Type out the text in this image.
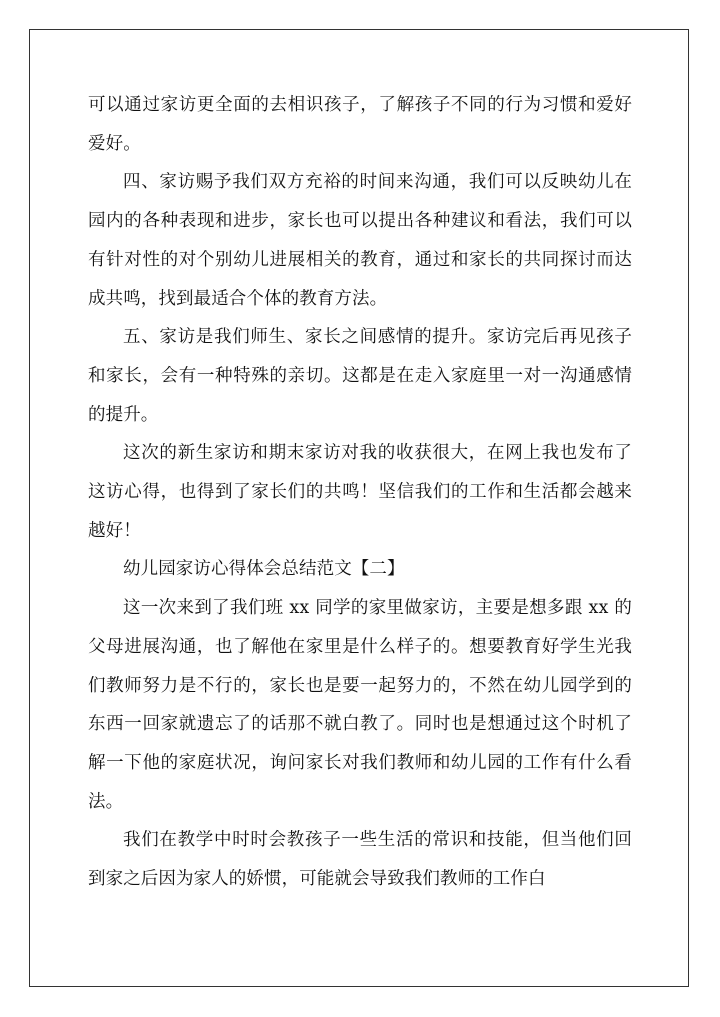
可以通过家访更全面的去相识孩子，了解孩子不同的行为习惯和爱好爱好。

四、家访赐予我们双方充裕的时间来沟通，我们可以反映幼儿在园内的各种表现和进步，家长也可以提出各种建议和看法，我们可以有针对性的对个别幼儿进展相关的教育，通过和家长的共同探讨而达成共鸣，找到最适合个体的教育方法。

五、家访是我们师生、家长之间感情的提升。家访完后再见孩子和家长，会有一种特殊的亲切。这都是在走入家庭里一对一沟通感情的提升。

这次的新生家访和期末家访对我的收获很大，在网上我也发布了这访心得，也得到了家长们的共鸣！坚信我们的工作和生活都会越来越好！

幼儿园家访心得体会总结范文【二】

这一次来到了我们班 xx 同学的家里做家访，主要是想多跟 xx 的父母进展沟通，也了解他在家里是什么样子的。想要教育好学生光我们教师努力是不行的，家长也是要一起努力的，不然在幼儿园学到的东西一回家就遗忘了的话那不就白教了。同时也是想通过这个时机了解一下他的家庭状况，询问家长对我们教师和幼儿园的工作有什么看法。

我们在教学中时时会教孩子一些生活的常识和技能，但当他们回到家之后因为家人的娇惯，可能就会导致我们教师的工作白
